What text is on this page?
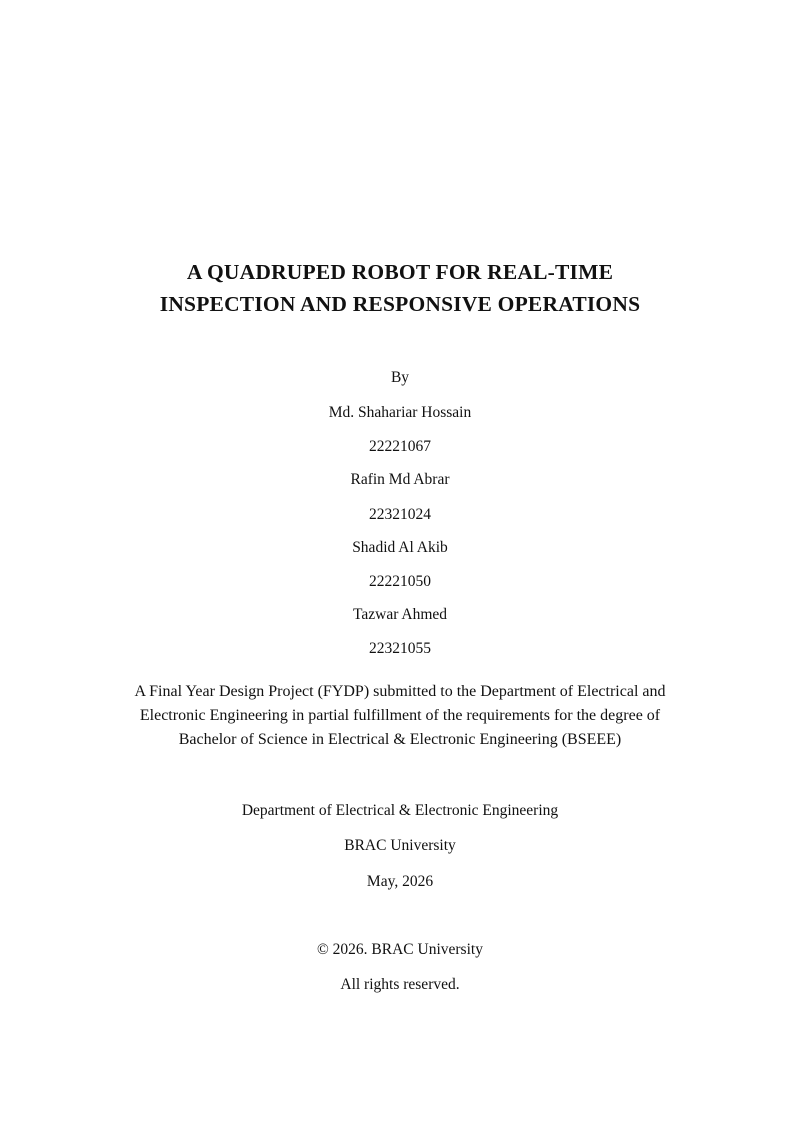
A QUADRUPED ROBOT FOR REAL-TIME
INSPECTION AND RESPONSIVE OPERATIONS
By
Md. Shahariar Hossain
22221067
Rafin Md Abrar
22321024
Shadid Al Akib
22221050
Tazwar Ahmed
22321055
A Final Year Design Project (FYDP) submitted to the Department of Electrical and
Electronic Engineering in partial fulfillment of the requirements for the degree of
Bachelor of Science in Electrical & Electronic Engineering (BSEEE)
Department of Electrical & Electronic Engineering
BRAC University
May, 2026
© 2026. BRAC University
All rights reserved.
